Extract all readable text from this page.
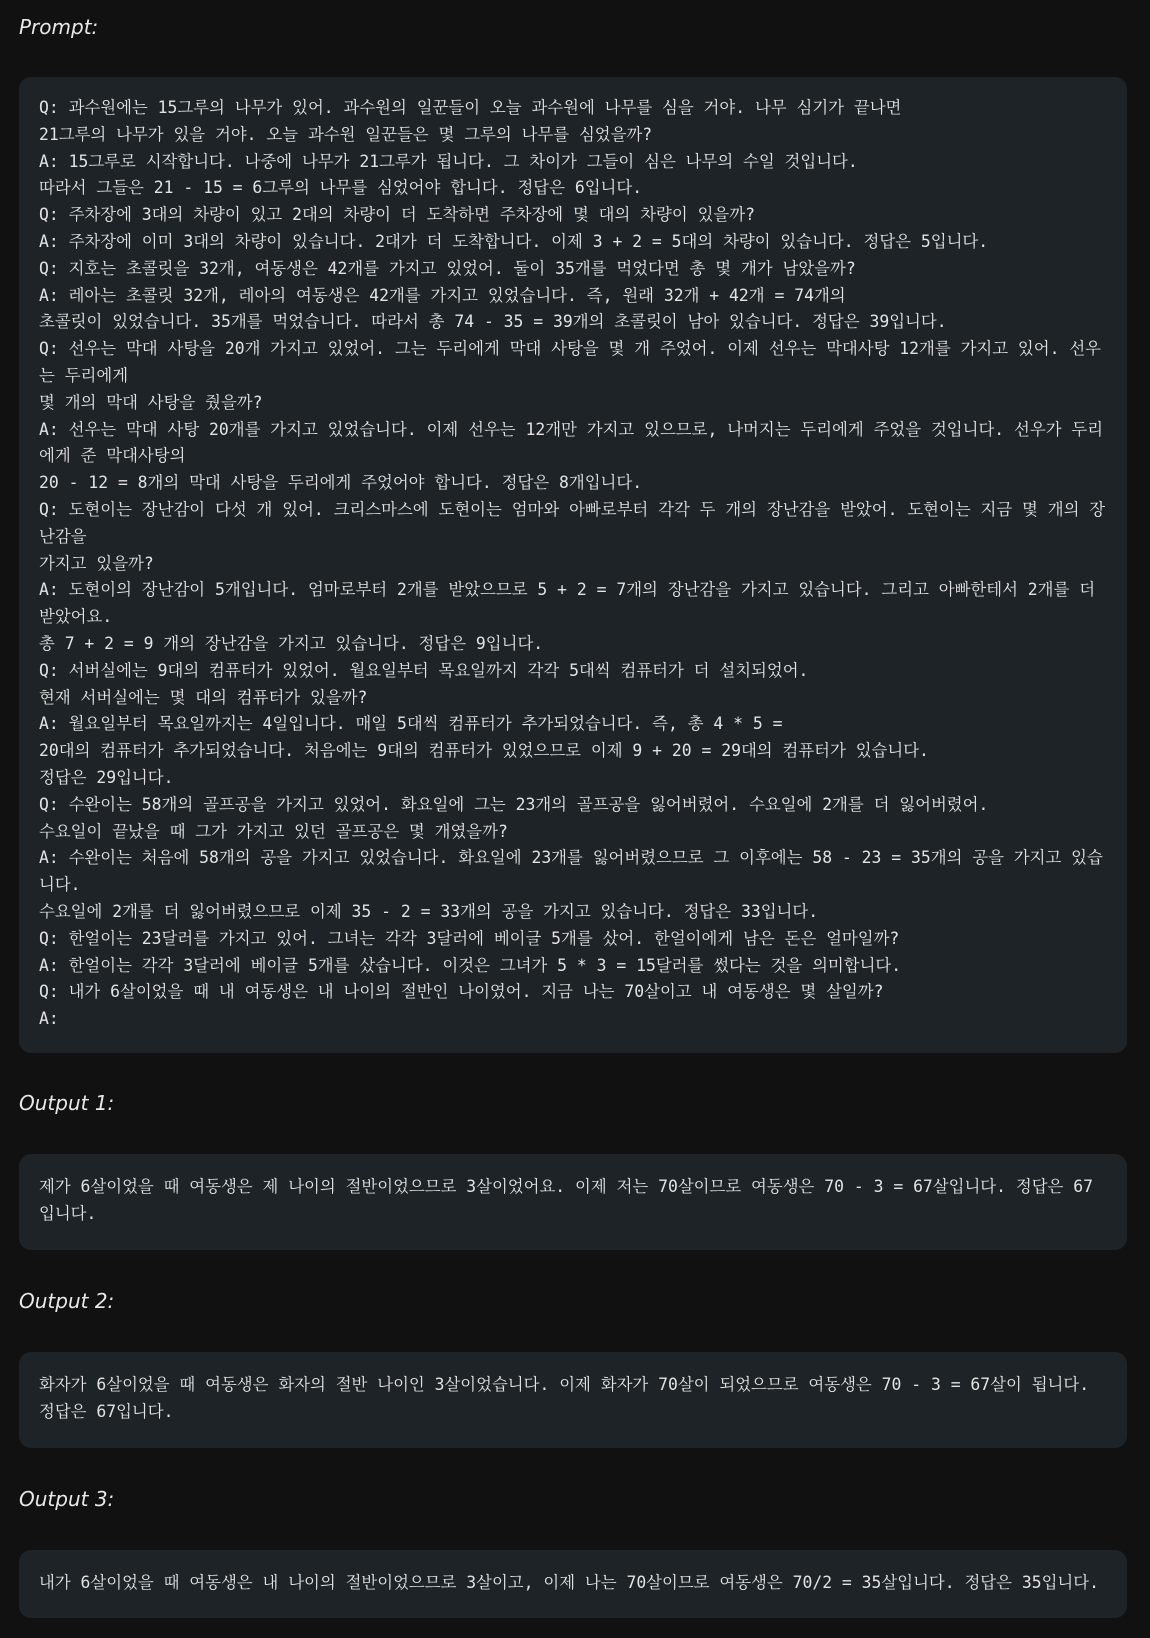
Prompt:
Q: 과수원에는 15그루의 나무가 있어. 과수원의 일꾼들이 오늘 과수원에 나무를 심을 거야. 나무 심기가 끝나면
21그루의 나무가 있을 거야. 오늘 과수원 일꾼들은 몇 그루의 나무를 심었을까?
A: 15그루로 시작합니다. 나중에 나무가 21그루가 됩니다. 그 차이가 그들이 심은 나무의 수일 것입니다.
따라서 그들은 21 - 15 = 6그루의 나무를 심었어야 합니다. 정답은 6입니다.
Q: 주차장에 3대의 차량이 있고 2대의 차량이 더 도착하면 주차장에 몇 대의 차량이 있을까?
A: 주차장에 이미 3대의 차량이 있습니다. 2대가 더 도착합니다. 이제 3 + 2 = 5대의 차량이 있습니다. 정답은 5입니다.
Q: 지호는 초콜릿을 32개, 여동생은 42개를 가지고 있었어. 둘이 35개를 먹었다면 총 몇 개가 남았을까?
A: 레아는 초콜릿 32개, 레아의 여동생은 42개를 가지고 있었습니다. 즉, 원래 32개 + 42개 = 74개의
초콜릿이 있었습니다. 35개를 먹었습니다. 따라서 총 74 - 35 = 39개의 초콜릿이 남아 있습니다. 정답은 39입니다.
Q: 선우는 막대 사탕을 20개 가지고 있었어. 그는 두리에게 막대 사탕을 몇 개 주었어. 이제 선우는 막대사탕 12개를 가지고 있어. 선우는 두리에게
몇 개의 막대 사탕을 줬을까?
A: 선우는 막대 사탕 20개를 가지고 있었습니다. 이제 선우는 12개만 가지고 있으므로, 나머지는 두리에게 주었을 것입니다. 선우가 두리에게 준 막대사탕의
20 - 12 = 8개의 막대 사탕을 두리에게 주었어야 합니다. 정답은 8개입니다.
Q: 도현이는 장난감이 다섯 개 있어. 크리스마스에 도현이는 엄마와 아빠로부터 각각 두 개의 장난감을 받았어. 도현이는 지금 몇 개의 장난감을
가지고 있을까?
A: 도현이의 장난감이 5개입니다. 엄마로부터 2개를 받았으므로 5 + 2 = 7개의 장난감을 가지고 있습니다. 그리고 아빠한테서 2개를 더 받았어요.
총 7 + 2 = 9 개의 장난감을 가지고 있습니다. 정답은 9입니다.
Q: 서버실에는 9대의 컴퓨터가 있었어. 월요일부터 목요일까지 각각 5대씩 컴퓨터가 더 설치되었어.
현재 서버실에는 몇 대의 컴퓨터가 있을까?
A: 월요일부터 목요일까지는 4일입니다. 매일 5대씩 컴퓨터가 추가되었습니다. 즉, 총 4 * 5 =
20대의 컴퓨터가 추가되었습니다. 처음에는 9대의 컴퓨터가 있었으므로 이제 9 + 20 = 29대의 컴퓨터가 있습니다.
정답은 29입니다.
Q: 수완이는 58개의 골프공을 가지고 있었어. 화요일에 그는 23개의 골프공을 잃어버렸어. 수요일에 2개를 더 잃어버렸어.
수요일이 끝났을 때 그가 가지고 있던 골프공은 몇 개였을까?
A: 수완이는 처음에 58개의 공을 가지고 있었습니다. 화요일에 23개를 잃어버렸으므로 그 이후에는 58 - 23 = 35개의 공을 가지고 있습니다.
수요일에 2개를 더 잃어버렸으므로 이제 35 - 2 = 33개의 공을 가지고 있습니다. 정답은 33입니다.
Q: 한얼이는 23달러를 가지고 있어. 그녀는 각각 3달러에 베이글 5개를 샀어. 한얼이에게 남은 돈은 얼마일까?
A: 한얼이는 각각 3달러에 베이글 5개를 샀습니다. 이것은 그녀가 5 * 3 = 15달러를 썼다는 것을 의미합니다.
Q: 내가 6살이었을 때 내 여동생은 내 나이의 절반인 나이였어. 지금 나는 70살이고 내 여동생은 몇 살일까?
A:
Output 1:
제가 6살이었을 때 여동생은 제 나이의 절반이었으므로 3살이었어요. 이제 저는 70살이므로 여동생은 70 - 3 = 67살입니다. 정답은 67입니다.
Output 2:
화자가 6살이었을 때 여동생은 화자의 절반 나이인 3살이었습니다. 이제 화자가 70살이 되었으므로 여동생은 70 - 3 = 67살이 됩니다. 정답은 67입니다.
Output 3:
내가 6살이었을 때 여동생은 내 나이의 절반이었으므로 3살이고, 이제 나는 70살이므로 여동생은 70/2 = 35살입니다. 정답은 35입니다.
